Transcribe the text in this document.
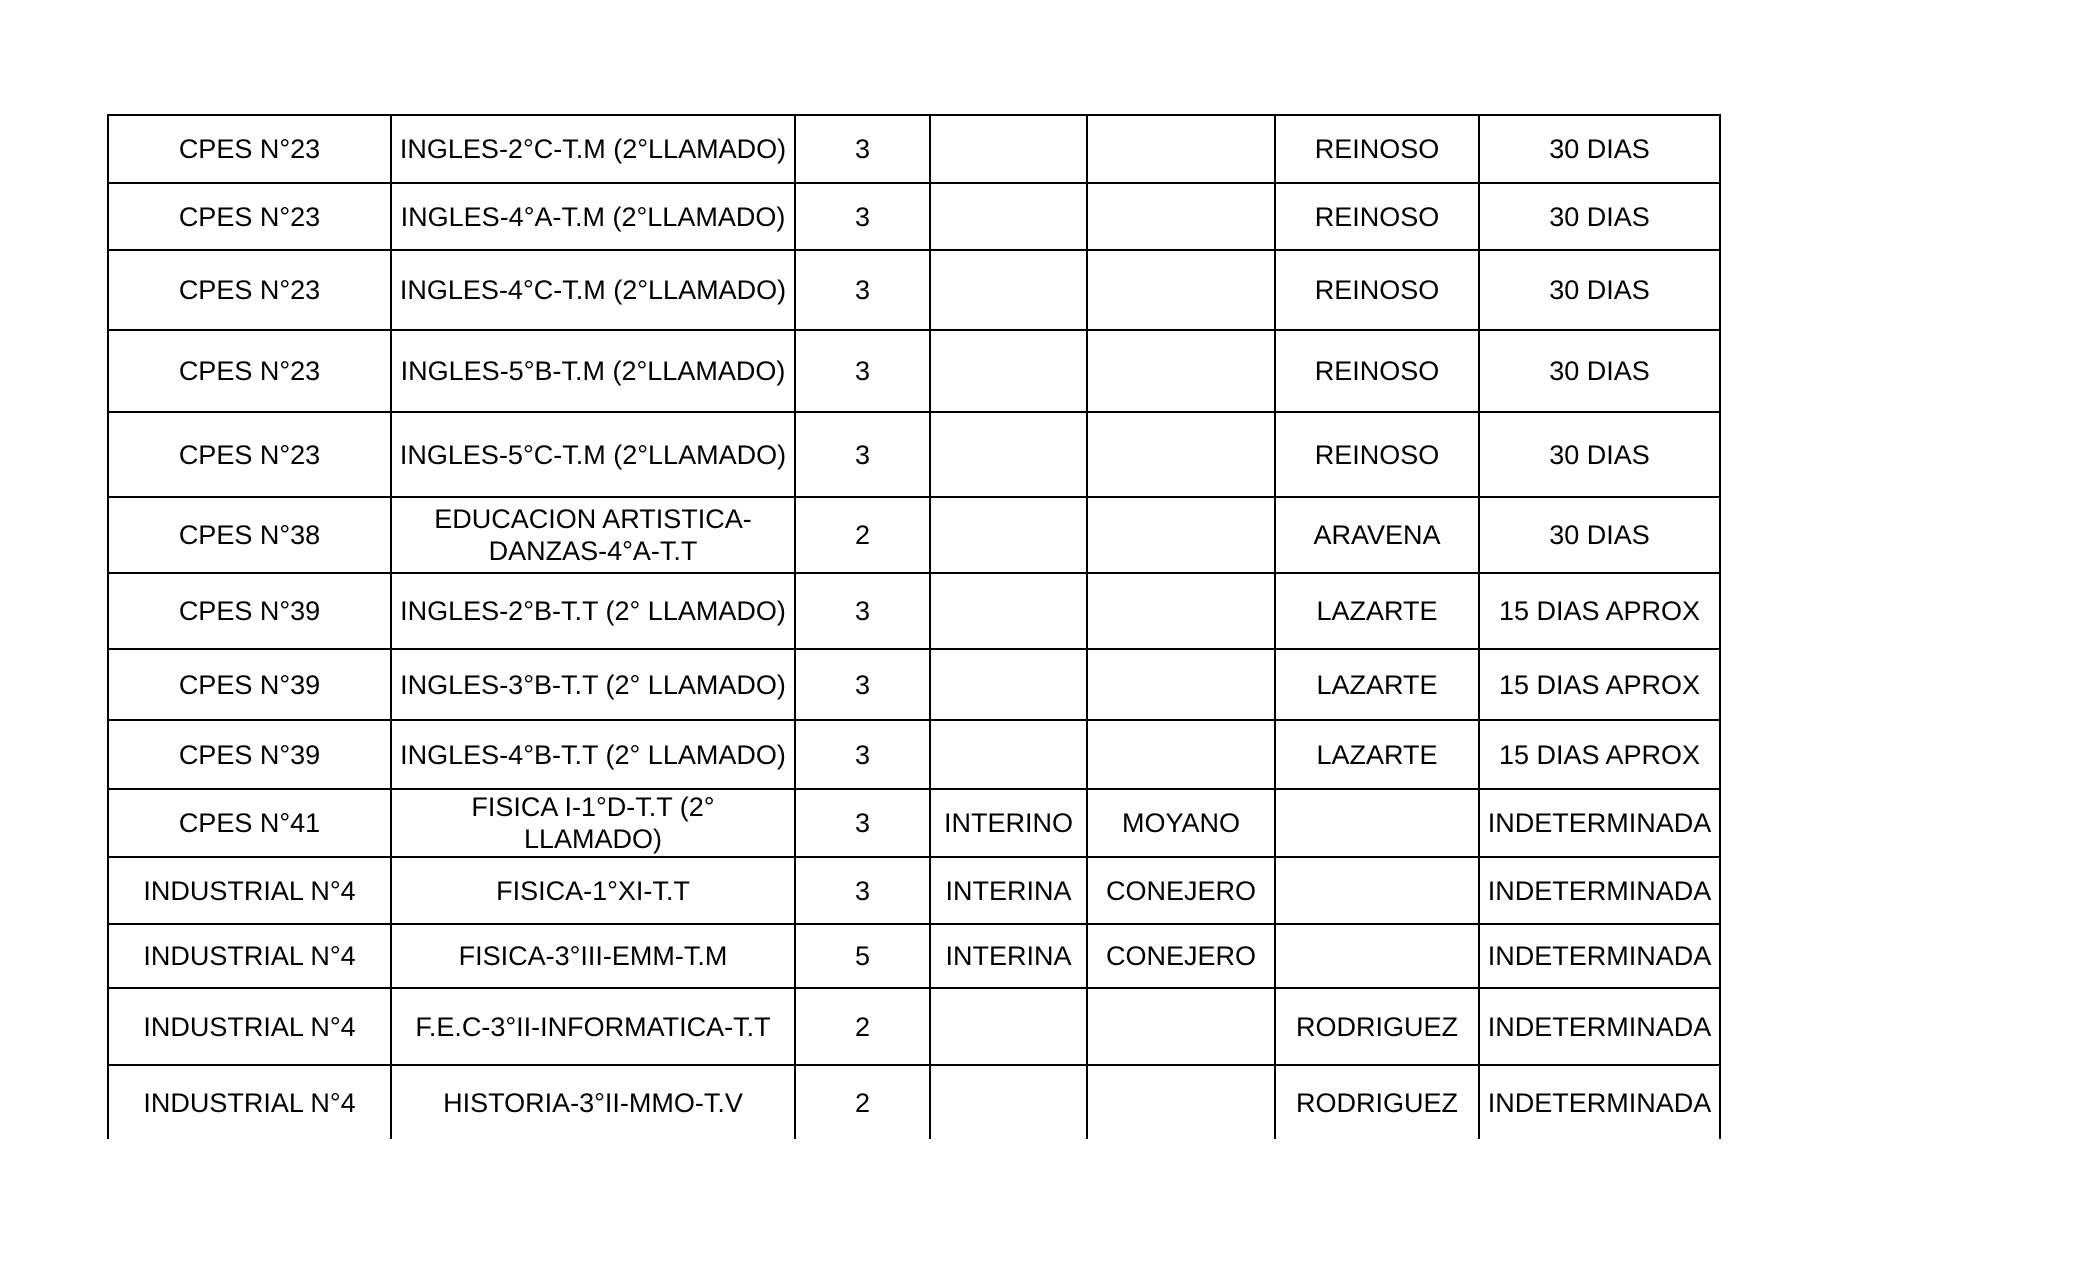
CPES N°23	INGLES-2°C-T.M (2°LLAMADO)	3			REINOSO	30 DIAS
CPES N°23	INGLES-4°A-T.M (2°LLAMADO)	3			REINOSO	30 DIAS
CPES N°23	INGLES-4°C-T.M (2°LLAMADO)	3			REINOSO	30 DIAS
CPES N°23	INGLES-5°B-T.M (2°LLAMADO)	3			REINOSO	30 DIAS
CPES N°23	INGLES-5°C-T.M (2°LLAMADO)	3			REINOSO	30 DIAS
CPES N°38	EDUCACION ARTISTICA-DANZAS-4°A-T.T	2			ARAVENA	30 DIAS
CPES N°39	INGLES-2°B-T.T (2° LLAMADO)	3			LAZARTE	15 DIAS APROX
CPES N°39	INGLES-3°B-T.T (2° LLAMADO)	3			LAZARTE	15 DIAS APROX
CPES N°39	INGLES-4°B-T.T (2° LLAMADO)	3			LAZARTE	15 DIAS APROX
CPES N°41	FISICA I-1°D-T.T (2° LLAMADO)	3	INTERINO	MOYANO		INDETERMINADA
INDUSTRIAL N°4	FISICA-1°XI-T.T	3	INTERINA	CONEJERO		INDETERMINADA
INDUSTRIAL N°4	FISICA-3°III-EMM-T.M	5	INTERINA	CONEJERO		INDETERMINADA
INDUSTRIAL N°4	F.E.C-3°II-INFORMATICA-T.T	2			RODRIGUEZ	INDETERMINADA
INDUSTRIAL N°4	HISTORIA-3°II-MMO-T.V	2			RODRIGUEZ	INDETERMINADA
